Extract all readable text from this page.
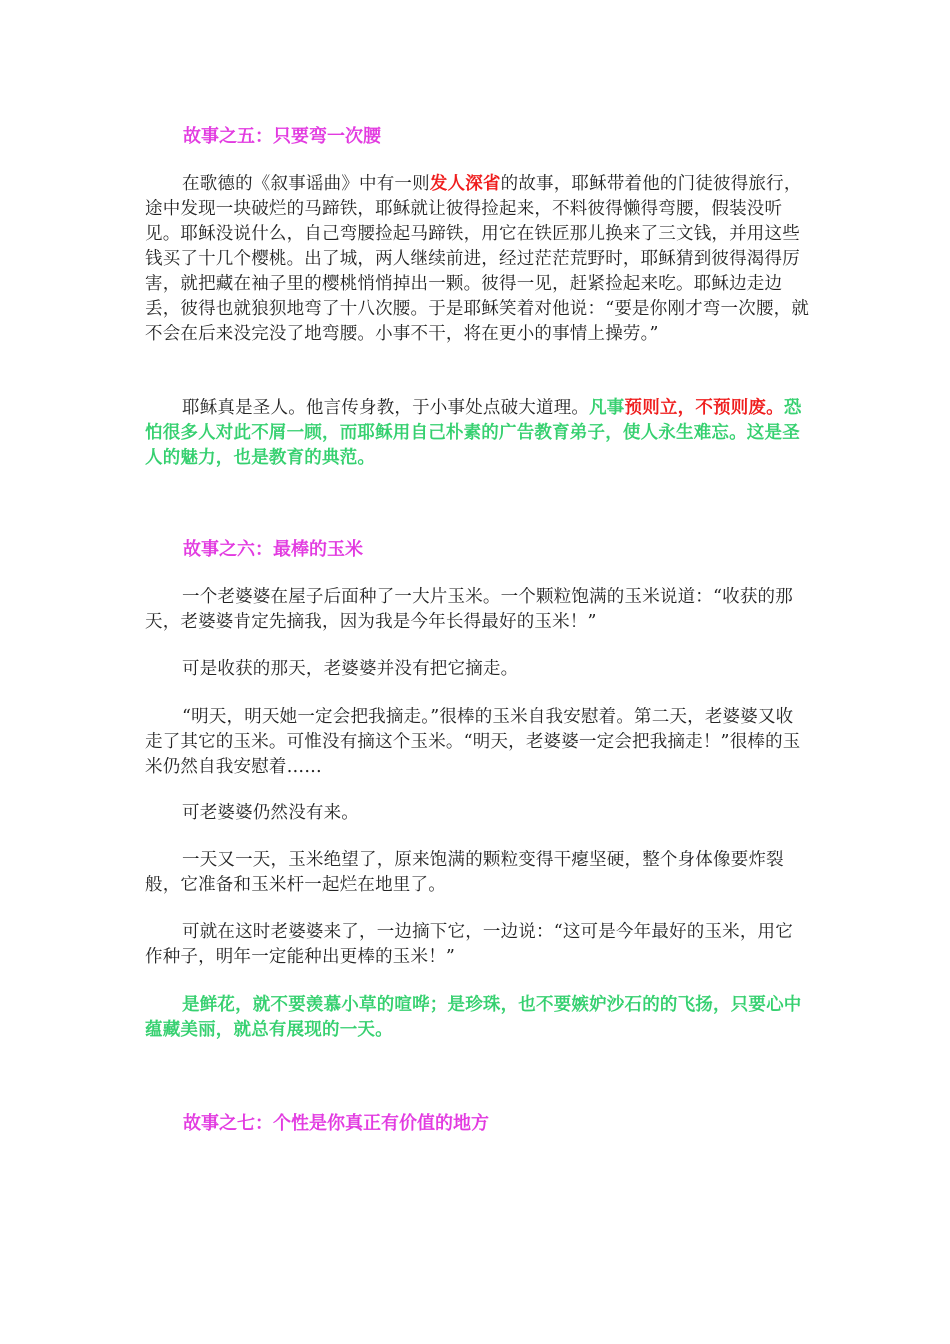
故事之五：只要弯一次腰

在歌德的《叙事谣曲》中有一则发人深省的故事，耶稣带着他的门徒彼得旅行，途中发现一块破烂的马蹄铁，耶稣就让彼得捡起来，不料彼得懒得弯腰，假装没听见。耶稣没说什么，自己弯腰捡起马蹄铁，用它在铁匠那儿换来了三文钱，并用这些钱买了十几个樱桃。出了城，两人继续前进，经过茫茫荒野时，耶稣猜到彼得渴得厉害，就把藏在袖子里的樱桃悄悄掉出一颗。彼得一见，赶紧捡起来吃。耶稣边走边丢，彼得也就狼狈地弯了十八次腰。于是耶稣笑着对他说：“要是你刚才弯一次腰，就不会在后来没完没了地弯腰。小事不干，将在更小的事情上操劳。”

耶稣真是圣人。他言传身教，于小事处点破大道理。凡事预则立，不预则废。恐怕很多人对此不屑一顾，而耶稣用自己朴素的广告教育弟子，使人永生难忘。这是圣人的魅力，也是教育的典范。

故事之六：最棒的玉米

一个老婆婆在屋子后面种了一大片玉米。一个颗粒饱满的玉米说道：“收获的那天，老婆婆肯定先摘我，因为我是今年长得最好的玉米！”

可是收获的那天，老婆婆并没有把它摘走。

“明天，明天她一定会把我摘走。”很棒的玉米自我安慰着。第二天，老婆婆又收走了其它的玉米。可惟没有摘这个玉米。“明天，老婆婆一定会把我摘走！”很棒的玉米仍然自我安慰着……

可老婆婆仍然没有来。

一天又一天，玉米绝望了，原来饱满的颗粒变得干瘪坚硬，整个身体像要炸裂般，它准备和玉米杆一起烂在地里了。

可就在这时老婆婆来了，一边摘下它，一边说：“这可是今年最好的玉米，用它作种子，明年一定能种出更棒的玉米！”

是鲜花，就不要羡慕小草的喧哗；是珍珠，也不要嫉妒沙石的的飞扬，只要心中蕴藏美丽，就总有展现的一天。

故事之七：个性是你真正有价值的地方
